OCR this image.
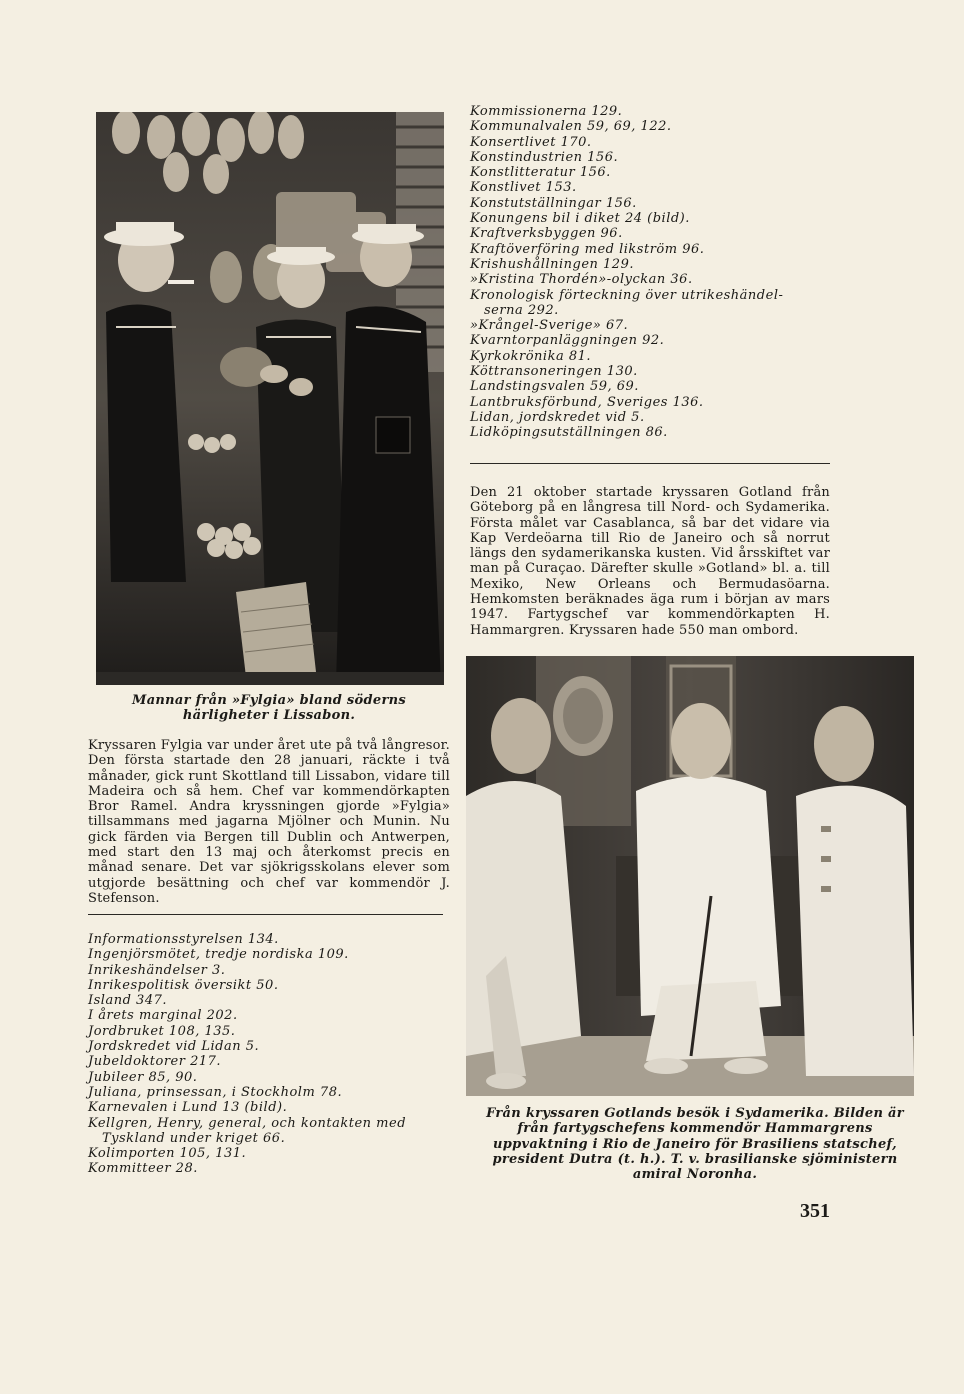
Kommissionerna 129.
Kommunalvalen 59, 69, 122.
Konsertlivet 170.
Konstindustrien 156.
Konstlitteratur 156.
Konstlivet 153.
Konstutställningar 156.
Konungens bil i diket 24 (bild).
Kraftverksbyggen 96.
Kraftöverföring med likström 96.
Krishushållningen 129.
»Kristina Thordén»-olyckan 36.
Kronologisk förteckning över utrikeshändel-
serna 292.
»Krångel-Sverige» 67.
Kvarntorpanläggningen 92.
Kyrkokrönika 81.
Köttransoneringen 130.
Landstingsvalen 59, 69.
Lantbruksförbund, Sveriges 136.
Lidan, jordskredet vid 5.
Lidköpingsutställningen 86.
Den 21 oktober startade kryssaren Gotland från Göteborg på en långresa till Nord- och Sydamerika. Första målet var Casablanca, så bar det vidare via Kap Verdeöarna till Rio de Janeiro och så norrut längs den sydamerikanska kusten. Vid årsskiftet var man på Curaçao. Därefter skulle »Gotland» bl. a. till Mexiko, New Orleans och Bermudasöarna. Hemkomsten beräknades äga rum i början av mars 1947. Fartygschef var kommendörkapten H. Hammargren. Kryssaren hade 550 man ombord.
Mannar från »Fylgia» bland söderns härligheter i Lissabon.
Kryssaren Fylgia var under året ute på två långresor. Den första startade den 28 januari, räckte i två månader, gick runt Skottland till Lissabon, vidare till Madeira och så hem. Chef var kommendörkapten Bror Ramel. Andra kryssningen gjorde »Fylgia» tillsammans med jagarna Mjölner och Munin. Nu gick färden via Bergen till Dublin och Antwerpen, med start den 13 maj och återkomst precis en månad senare. Det var sjökrigsskolans elever som utgjorde besättning och chef var kommendör J. Stefenson.
Informationsstyrelsen 134.
Ingenjörsmötet, tredje nordiska 109.
Inrikeshändelser 3.
Inrikespolitisk översikt 50.
Island 347.
I årets marginal 202.
Jordbruket 108, 135.
Jordskredet vid Lidan 5.
Jubeldoktorer 217.
Jubileer 85, 90.
Juliana, prinsessan, i Stockholm 78.
Karnevalen i Lund 13 (bild).
Kellgren, Henry, general, och kontakten med
Tyskland under kriget 66.
Kolimporten 105, 131.
Kommitteer 28.
Från kryssaren Gotlands besök i Sydamerika. Bilden är från fartygschefens kommendör Hammargrens uppvaktning i Rio de Janeiro för Brasiliens statschef, president Dutra (t. h.). T. v. brasilianske sjöministern amiral Noronha.
351
